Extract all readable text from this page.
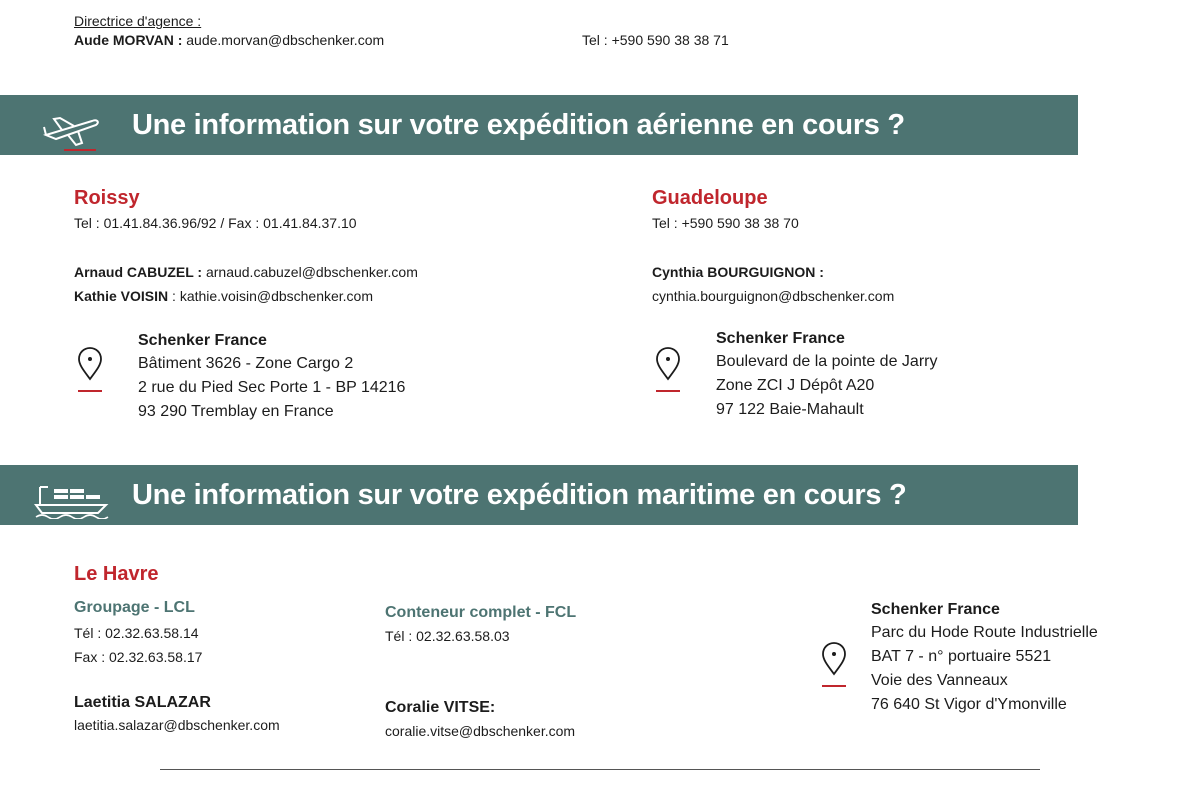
Directrice d'agence :
Aude MORVAN : aude.morvan@dbschenker.com	Tel : +590 590 38 38 71
Une information sur votre expédition aérienne en cours ?
Roissy
Tel : 01.41.84.36.96/92 / Fax : 01.41.84.37.10
Arnaud CABUZEL : arnaud.cabuzel@dbschenker.com
Kathie VOISIN : kathie.voisin@dbschenker.com
Schenker France
Bâtiment 3626 - Zone Cargo 2
2 rue du Pied Sec Porte 1 - BP 14216
93 290 Tremblay en France
Guadeloupe
Tel : +590 590 38 38 70
Cynthia BOURGUIGNON :
cynthia.bourguignon@dbschenker.com
Schenker France
Boulevard de la pointe de Jarry
Zone ZCI J Dépôt A20
97 122 Baie-Mahault
Une information sur votre expédition maritime en cours ?
Le Havre
Groupage - LCL
Tél : 02.32.63.58.14
Fax : 02.32.63.58.17
Laetitia SALAZAR
laetitia.salazar@dbschenker.com
Conteneur complet - FCL
Tél : 02.32.63.58.03
Coralie VITSE:
coralie.vitse@dbschenker.com
Schenker France
Parc du Hode Route Industrielle
BAT 7 - n° portuaire 5521
Voie des Vanneaux
76 640 St Vigor d'Ymonville
